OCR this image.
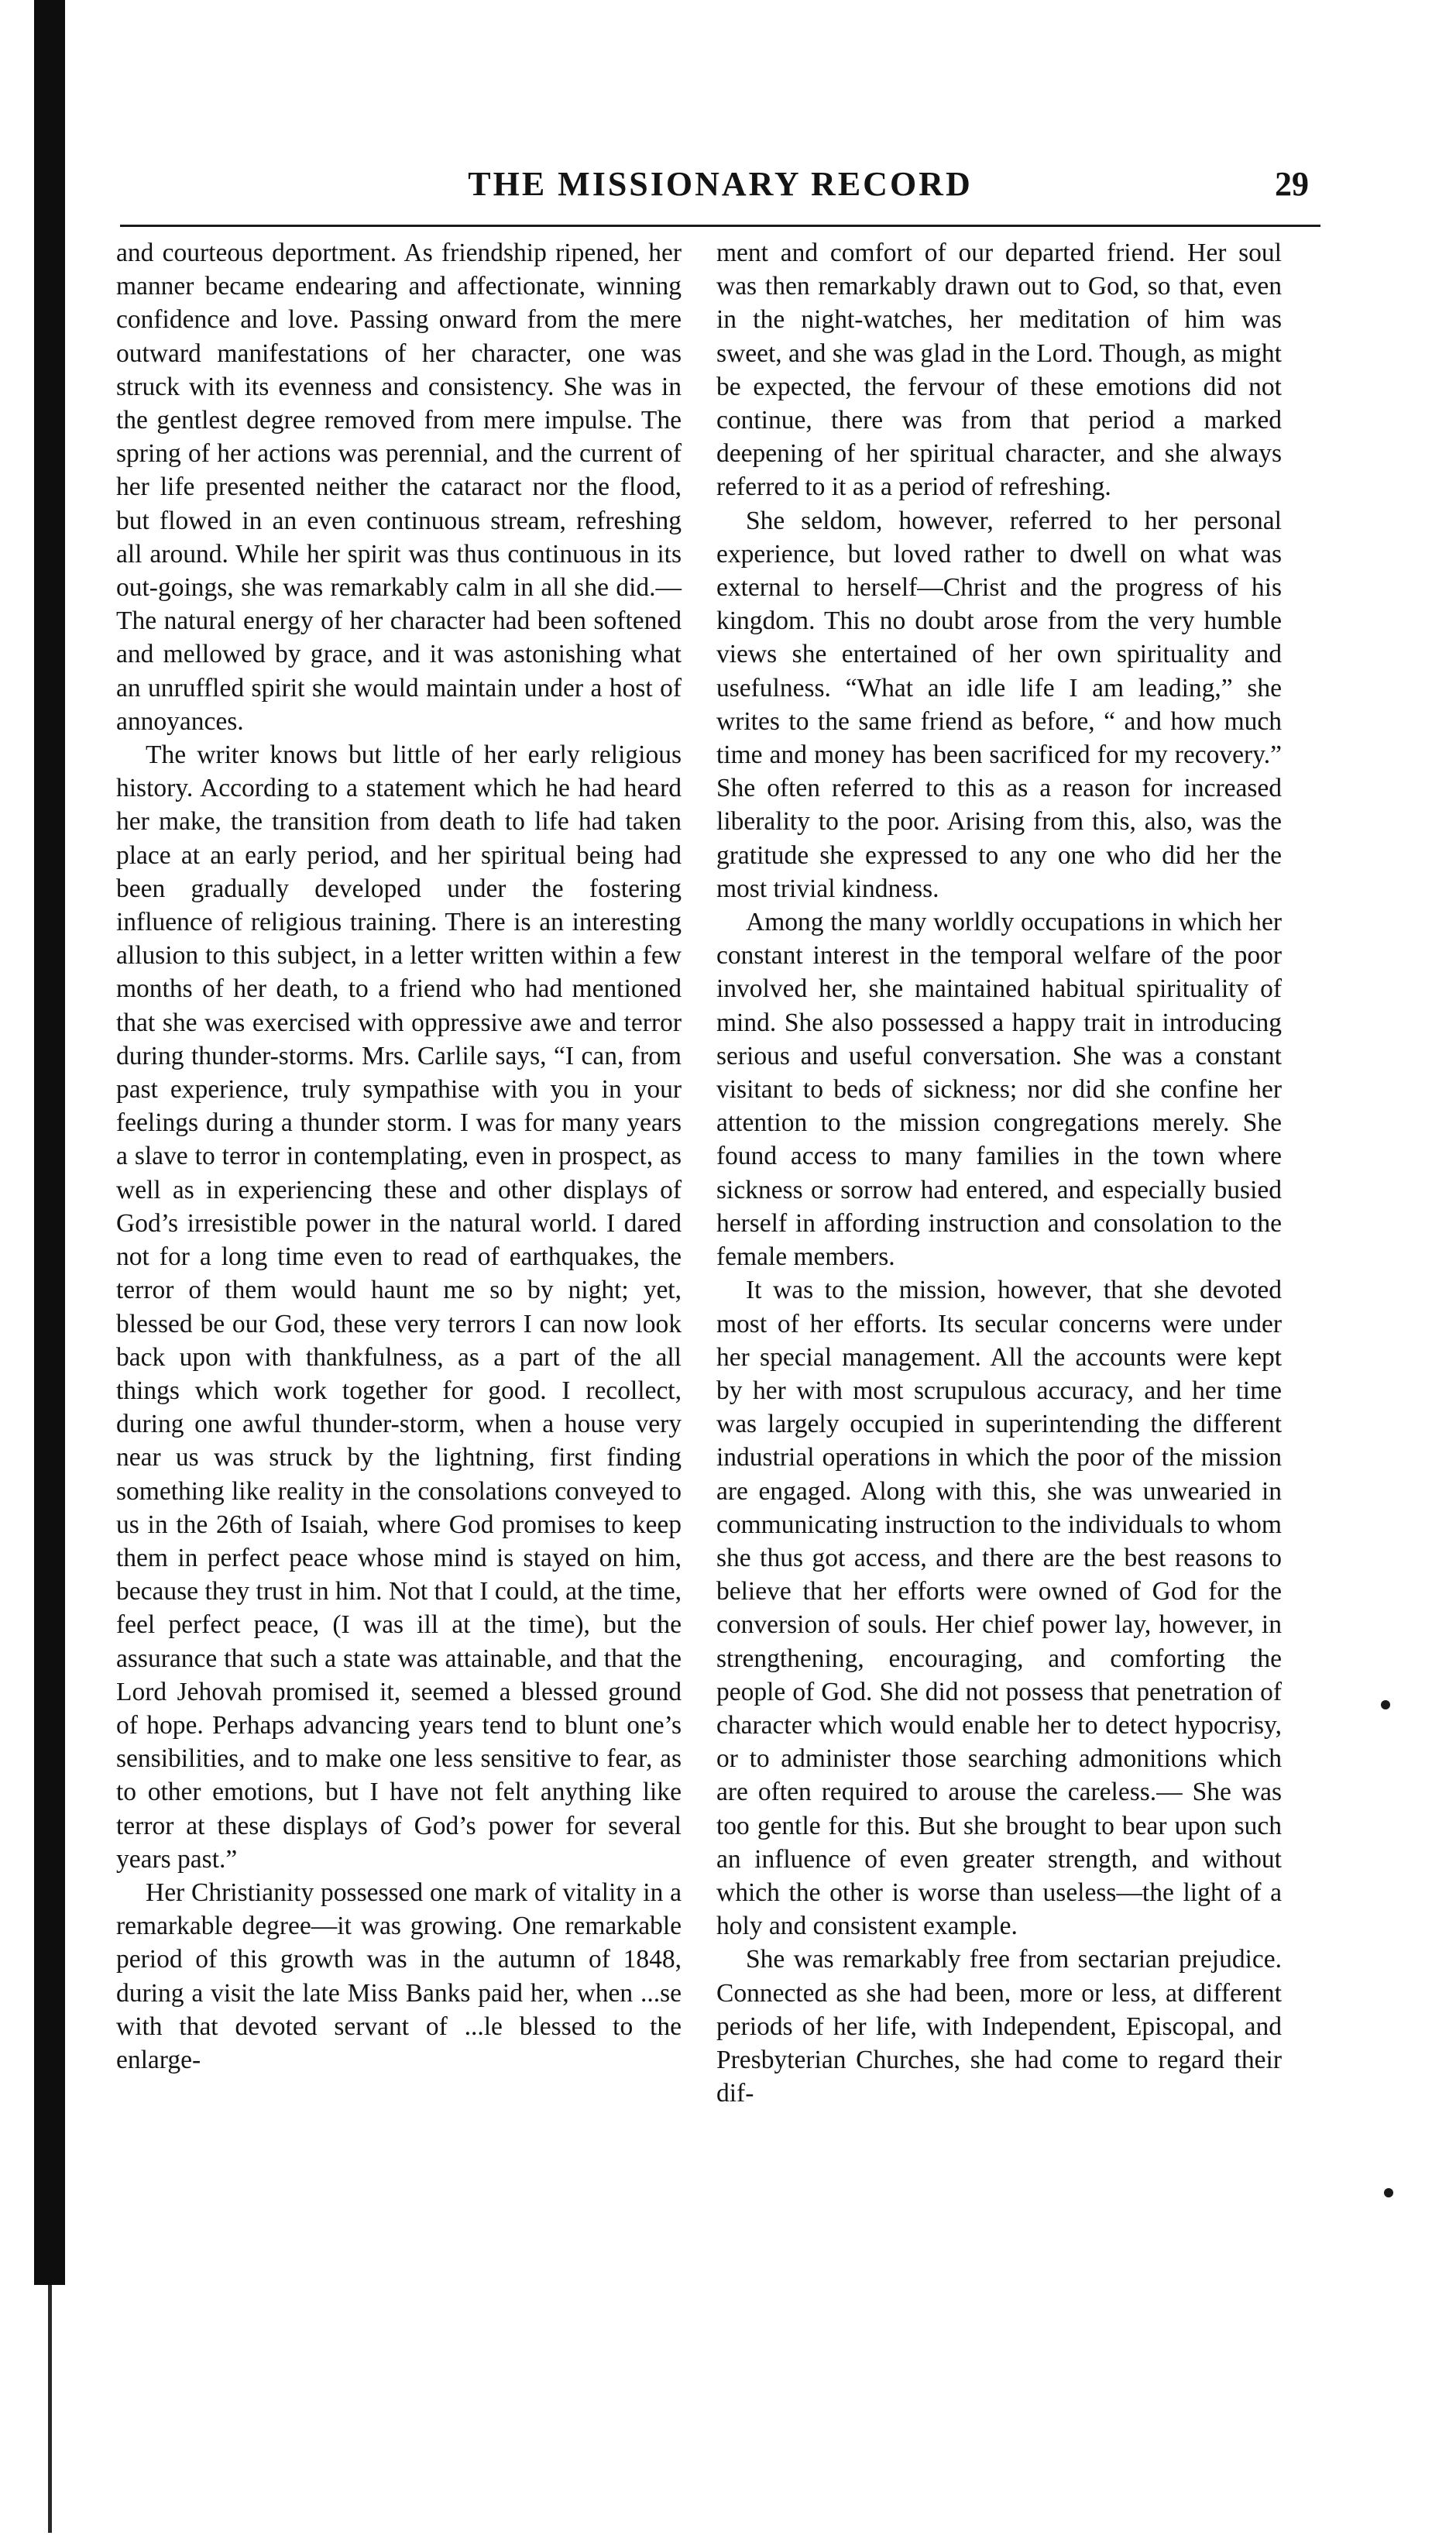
THE MISSIONARY RECORD	29

and courteous deportment. As friendship ripened, her manner became endearing and affectionate, winning confidence and love. Passing onward from the mere outward manifestations of her character, one was struck with its evenness and consistency. She was in the gentlest degree removed from mere impulse. The spring of her actions was perennial, and the current of her life presented neither the cataract nor the flood, but flowed in an even continuous stream, refreshing all around. While her spirit was thus continuous in its out-goings, she was remarkably calm in all she did.— The natural energy of her character had been softened and mellowed by grace, and it was astonishing what an unruffled spirit she would maintain under a host of annoyances.

The writer knows but little of her early religious history. According to a statement which he had heard her make, the transition from death to life had taken place at an early period, and her spiritual being had been gradually developed under the fostering influence of religious training. There is an interesting allusion to this subject, in a letter written within a few months of her death, to a friend who had mentioned that she was exercised with oppressive awe and terror during thunder-storms. Mrs. Carlile says, “I can, from past experience, truly sympathise with you in your feelings during a thunder storm. I was for many years a slave to terror in contemplating, even in prospect, as well as in experiencing these and other displays of God’s irresistible power in the natural world. I dared not for a long time even to read of earthquakes, the terror of them would haunt me so by night; yet, blessed be our God, these very terrors I can now look back upon with thankfulness, as a part of the all things which work together for good. I recollect, during one awful thunder-storm, when a house very near us was struck by the lightning, first finding something like reality in the consolations conveyed to us in the 26th of Isaiah, where God promises to keep them in perfect peace whose mind is stayed on him, because they trust in him. Not that I could, at the time, feel perfect peace, (I was ill at the time), but the assurance that such a state was attainable, and that the Lord Jehovah promised it, seemed a blessed ground of hope. Perhaps advancing years tend to blunt one’s sensibilities, and to make one less sensitive to fear, as to other emotions, but I have not felt anything like terror at these displays of God’s power for several years past.”

Her Christianity possessed one mark of vitality in a remarkable degree—it was growing. One remarkable period of this growth was in the autumn of 1848, during a visit the late Miss Banks paid her, when ...se with that devoted servant of ...le blessed to the enlarge-

ment and comfort of our departed friend. Her soul was then remarkably drawn out to God, so that, even in the night-watches, her meditation of him was sweet, and she was glad in the Lord. Though, as might be expected, the fervour of these emotions did not continue, there was from that period a marked deepening of her spiritual character, and she always referred to it as a period of refreshing.

She seldom, however, referred to her personal experience, but loved rather to dwell on what was external to herself—Christ and the progress of his kingdom. This no doubt arose from the very humble views she entertained of her own spirituality and usefulness. “What an idle life I am leading,” she writes to the same friend as before, “ and how much time and money has been sacrificed for my recovery.” She often referred to this as a reason for increased liberality to the poor. Arising from this, also, was the gratitude she expressed to any one who did her the most trivial kindness.

Among the many worldly occupations in which her constant interest in the temporal welfare of the poor involved her, she maintained habitual spirituality of mind. She also possessed a happy trait in introducing serious and useful conversation. She was a constant visitant to beds of sickness; nor did she confine her attention to the mission congregations merely. She found access to many families in the town where sickness or sorrow had entered, and especially busied herself in affording instruction and consolation to the female members.

It was to the mission, however, that she devoted most of her efforts. Its secular concerns were under her special management. All the accounts were kept by her with most scrupulous accuracy, and her time was largely occupied in superintending the different industrial operations in which the poor of the mission are engaged. Along with this, she was unwearied in communicating instruction to the individuals to whom she thus got access, and there are the best reasons to believe that her efforts were owned of God for the conversion of souls. Her chief power lay, however, in strengthening, encouraging, and comforting the people of God. She did not possess that penetration of character which would enable her to detect hypocrisy, or to administer those searching admonitions which are often required to arouse the careless.— She was too gentle for this. But she brought to bear upon such an influence of even greater strength, and without which the other is worse than useless—the light of a holy and consistent example.

She was remarkably free from sectarian prejudice. Connected as she had been, more or less, at different periods of her life, with Independent, Episcopal, and Presbyterian Churches, she had come to regard their dif-
